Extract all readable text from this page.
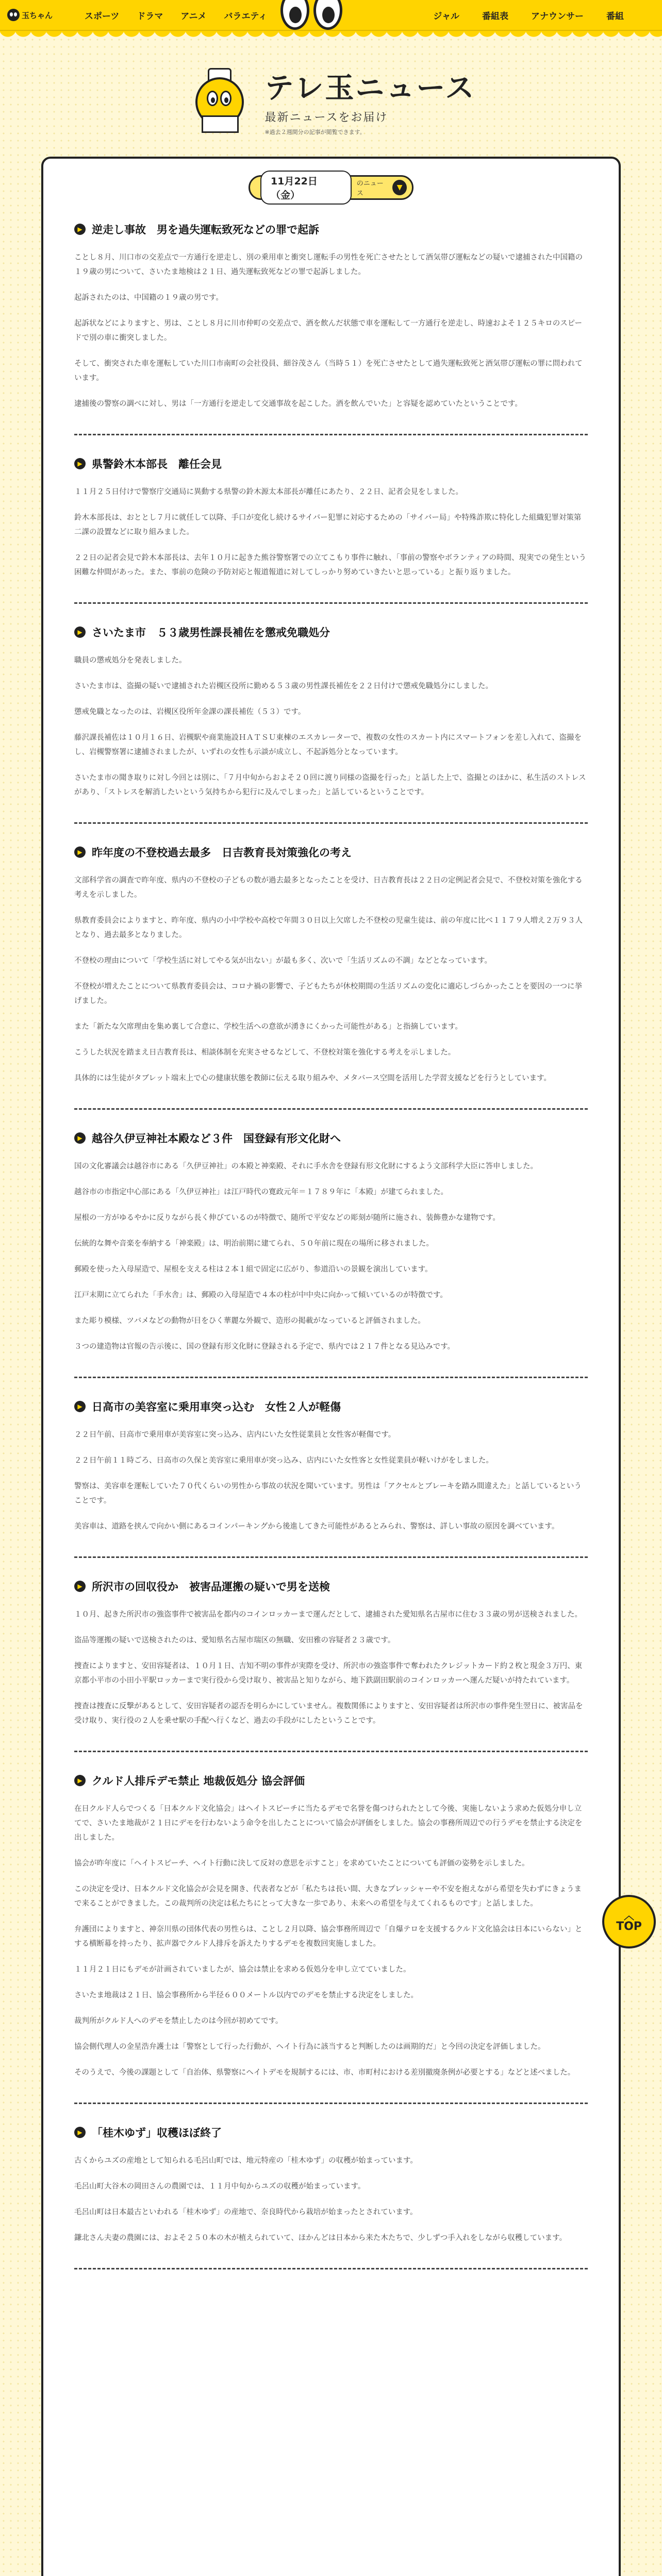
玉ちゃん	スポーツ ドラマ アニメ バラエティ	ジャル	番組表	アナウンサー	番組
テレ玉ニュース
最新ニュースをお届け
※過去２週間分の記事が閲覧できます。
11月22日（金）
のニュース
▼
▶ 逆走し事故　男を過失運転致死などの罪で起訴

ことし８月、川口市の交差点で一方通行を逆走し、別の乗用車と衝突し運転手の男性を死亡させたとして酒気帯び運転などの疑いで逮捕された中国籍の１９歳の男について、さいたま地検は２１日、過失運転致死などの罪で起訴しました。

起訴されたのは、中国籍の１９歳の男です。

起訴状などによりますと、男は、ことし８月に川市仲町の交差点で、酒を飲んだ状態で車を運転して一方通行を逆走し、時速およそ１２５キロのスピードで別の車に衝突しました。

そして、衝突された車を運転していた川口市南町の会社役員、細谷茂さん（当時５１）を死亡させたとして過失運転致死と酒気帯び運転の罪に問われています。

逮捕後の警察の調べに対し、男は「一方通行を逆走して交通事故を起こした。酒を飲んでいた」と容疑を認めていたということです。

▶ 県警鈴木本部長　離任会見

１１月２５日付けで警察庁交通局に異動する県警の鈴木源太本部長が離任にあたり、２２日、記者会見をしました。

鈴木本部長は、おととし７月に就任して以降、手口が変化し続けるサイバー犯罪に対応するための「サイバー局」や特殊詐欺に特化した組織犯罪対策第二課の設置などに取り組みました。

２２日の記者会見で鈴木本部長は、去年１０月に起きた熊谷警察署での立てこもり事件に触れ、「事前の警察やボランティアの時間、現実での発生という困難な仲間があった。また、事前の危険の予防対応と報道報道に対してしっかり努めていきたいと思っている」と振り返りました。

▶ さいたま市　５３歳男性課長補佐を懲戒免職処分

職員の懲戒処分を発表しました。

さいたま市は、盗撮の疑いで逮捕された岩槻区役所に勤める５３歳の男性課長補佐を２２日付けで懲戒免職処分にしました。

懲戒免職となったのは、岩槻区役所年金課の課長補佐（５３）です。

藤沢課長補佐は１０月１６日、岩槻駅や商業施設ＨＡＴＳＵ東棟のエスカレーターで、複数の女性のスカート内にスマートフォンを差し入れて、盗撮をし、岩槻警察署に逮捕されましたが、いずれの女性も示談が成立し、不起訴処分となっています。

さいたま市の聞き取りに対し今回とは別に、「７月中旬からおよそ２０回に渡り同様の盗撮を行った」と話した上で、盗撮とのほかに、私生活のストレスがあり、「ストレスを解消したいという気持ちから犯行に及んでしまった」と話しているということです。

▶ 昨年度の不登校過去最多　日吉教育長対策強化の考え

文部科学省の調査で昨年度、県内の不登校の子どもの数が過去最多となったことを受け、日吉教育長は２２日の定例記者会見で、不登校対策を強化する考えを示しました。

県教育委員会によりますと、昨年度、県内の小中学校や高校で年間３０日以上欠席した不登校の児童生徒は、前の年度に比べ１１７９人増え２万９３人となり、過去最多となりました。

不登校の理由について「学校生活に対してやる気が出ない」が最も多く、次いで「生活リズムの不調」などとなっています。

不登校が増えたことについて県教育委員会は、コロナ禍の影響で、子どもたちが休校期間の生活リズムの変化に適応しづらかったことを要因の一つに挙げました。

また「新たな欠席理由を集め裏して合意に、学校生活への意欲が湧きにくかった可能性がある」と指摘しています。

こうした状況を踏まえ日吉教育長は、相談体制を充実させるなどして、不登校対策を強化する考えを示しました。

具体的には生徒がタブレット端末上で心の健康状態を教師に伝える取り組みや、メタバース空間を活用した学習支援などを行うとしています。

▶ 越谷久伊豆神社本殿など３件　国登録有形文化財へ

国の文化審議会は越谷市にある「久伊豆神社」の本殿と神楽殿、それに手水舎を登録有形文化財にするよう文部科学大臣に答申しました。

越谷市の市指定中心部にある「久伊豆神社」は江戸時代の寛政元年＝１７８９年に「本殿」が建てられました。

屋根の一方がゆるやかに反りながら長く伸びているのが特徴で、随所で平安などの彫刻が随所に施され、装飾豊かな建物です。

伝統的な舞や音楽を奉納する「神楽殿」は、明治前期に建てられ、５０年前に現在の場所に移されました。

郵殿を使った入母屋造で、屋根を支える柱は２本１組で固定に広がり、参道沿いの景観を演出しています。

江戸末期に立てられた「手水舎」は、郵殿の入母屋造で４本の柱が中中央に向かって傾いているのが特徴です。

また彫り模様、ツバメなどの動物が目をひく華麗な外観で、造形の掲載がなっていると評価されました。

３つの建造物は官報の告示後に、国の登録有形文化財に登録される予定で、県内では２１７件となる見込みです。

▶ 日高市の美容室に乗用車突っ込む　女性２人が軽傷

２２日午前、日高市で乗用車が美容室に突っ込み、店内にいた女性従業員と女性客が軽傷です。

２２日午前１１時ごろ、日高市の久保と美容室に乗用車が突っ込み、店内にいた女性客と女性従業員が軽いけがをしました。

警察は、美容車を運転していた７０代くらいの男性から事故の状況を聞いています。男性は「アクセルとブレーキを踏み間違えた」と話しているということです。

美容車は、道路を挟んで向かい側にあるコインパーキングから後進してきた可能性があるとみられ、警察は、詳しい事故の原因を調べています。

▶ 所沢市の回収役か　被害品運搬の疑いで男を送検

１０月、起きた所沢市の強盗事件で被害品を都内のコインロッカーまで運んだとして、逮捕された愛知県名古屋市に住む３３歳の男が送検されました。

盗品等運搬の疑いで送検されたのは、愛知県名古屋市瑞区の無職、安田雅の容疑者２３歳です。

捜査によりますと、安田容疑者は、１０月１日、吉知不明の事件が実際を受け、所沢市の強盗事件で奪われたクレジットカード約２枚と現金３万円、東京都小平市の小田小平駅ロッカーまで実行役から受け取り、被害品と知りながら、地下鉄副田駅前のコインロッカーへ運んだ疑いが持たれています。

捜査は捜査に反撃があるとして、安田容疑者の認否を明らかにしていません。複数関係によりますと、安田容疑者は所沢市の事件発生翌日に、被害品を受け取り、実行役の２人を乗せ駅の手配へ行くなど、過去の手段がにしたということです。

▶ クルド人排斥デモ禁止 地裁仮処分 協会評価

在日クルド人らでつくる「日本クルド文化協会」はヘイトスピーチに当たるデモで名誉を傷つけられたとして今後、実施しないよう求めた仮処分申し立てで、さいたま地裁が２１日にデモを行わないよう命令を出したことについて協会が評価をしました。協会の事務所周辺での行うデモを禁止する決定を出しました。

協会が昨年度に「ヘイトスピーチ、ヘイト行動に決して反対の意思を示すこと」を求めていたことについても評価の姿勢を示しました。

この決定を受け、日本クルド文化協会が会見を開き、代表者などが「私たちは長い間、大きなプレッシャーや不安を抱えながら希望を失わずにきょうまで来ることができました。この裁判所の決定は私たちにとって大きな一歩であり、未来への希望を与えてくれるものです」と話しました。

弁護団によりますと、神奈川県の団体代表の男性らは、ことし２月以降、協会事務所周辺で「自爆テロを支援するクルド文化協会は日本にいらない」とする横断幕を持ったり、拡声器でクルド人排斥を訴えたりするデモを複数回実施しました。

１１月２１日にもデモが計画されていましたが、協会は禁止を求める仮処分を申し立てていました。

さいたま地裁は２１日、協会事務所から半径６００メートル以内でのデモを禁止する決定をしました。

裁判所がクルド人へのデモを禁止したのは今回が初めてです。

協会側代理人の金星浩弁護士は「警察として行った行動が、ヘイト行為に該当すると判断したのは画期的だ」と今回の決定を評価しました。

そのうえで、今後の課題として「自治体、県警察にヘイトデモを規制するには、市、市町村における差別撤廃条例が必要とする」などと述べました。

▶ 「桂木ゆず」収穫ほぼ終了

古くからユズの産地として知られる毛呂山町では、地元特産の「桂木ゆず」の収穫が始まっています。

毛呂山町大谷木の岡田さんの農園では、１１月中旬からユズの収穫が始まっています。

毛呂山町は日本最古といわれる「桂木ゆず」の産地で、奈良時代から栽培が始まったとされています。

鎌北さん夫妻の農園には、およそ２５０本の木が植えられていて、ほかんどは日本から来た木たちで、少しずつ手入れをしながら収穫しています。

︿
TOP
